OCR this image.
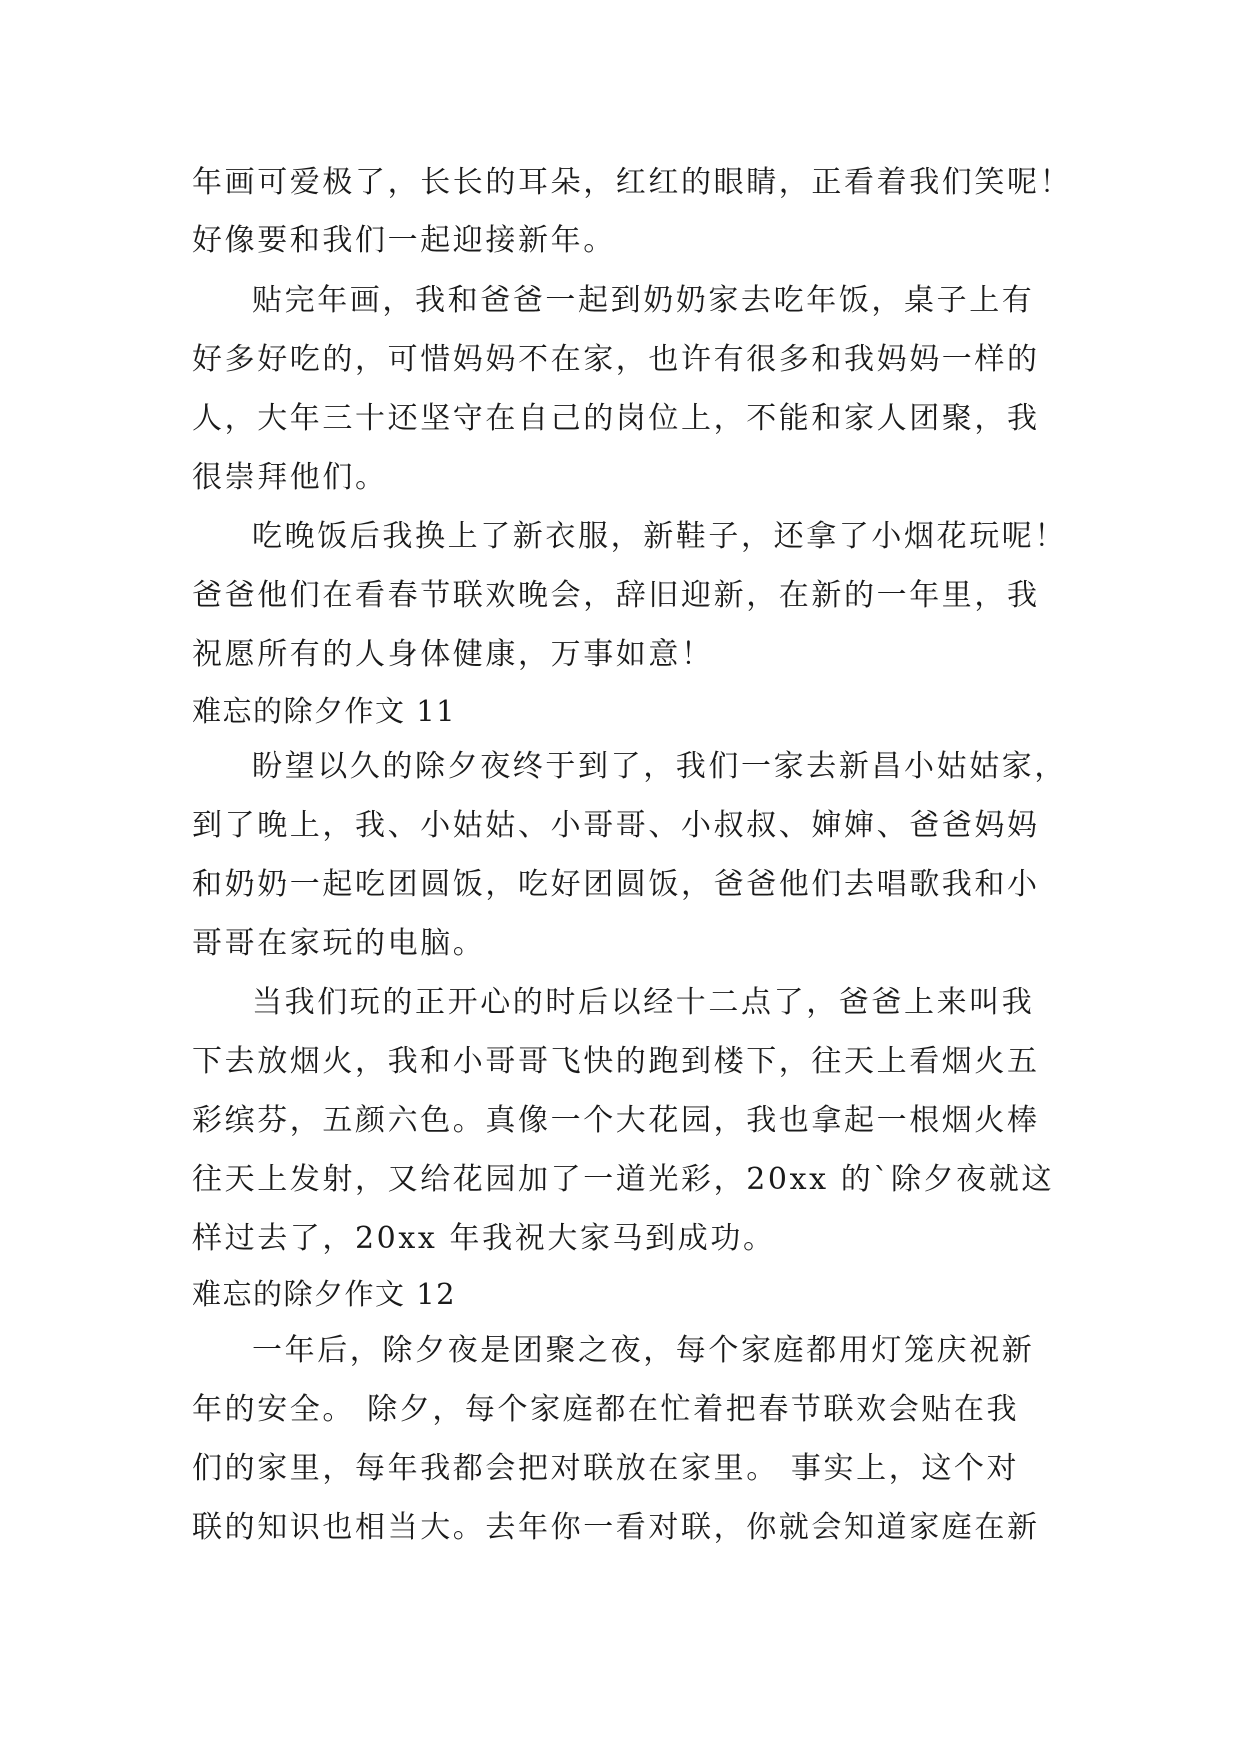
年画可爱极了，长长的耳朵，红红的眼睛，正看着我们笑呢！
好像要和我们一起迎接新年。
贴完年画，我和爸爸一起到奶奶家去吃年饭，桌子上有
好多好吃的，可惜妈妈不在家，也许有很多和我妈妈一样的
人，大年三十还坚守在自己的岗位上，不能和家人团聚，我
很崇拜他们。
吃晚饭后我换上了新衣服，新鞋子，还拿了小烟花玩呢！
爸爸他们在看春节联欢晚会，辞旧迎新，在新的一年里，我
祝愿所有的人身体健康，万事如意！
难忘的除夕作文 11
盼望以久的除夕夜终于到了，我们一家去新昌小姑姑家，
到了晚上，我、小姑姑、小哥哥、小叔叔、婶婶、爸爸妈妈
和奶奶一起吃团圆饭，吃好团圆饭，爸爸他们去唱歌我和小
哥哥在家玩的电脑。
当我们玩的正开心的时后以经十二点了，爸爸上来叫我
下去放烟火，我和小哥哥飞快的跑到楼下，往天上看烟火五
彩缤芬，五颜六色。真像一个大花园，我也拿起一根烟火棒
往天上发射，又给花园加了一道光彩，20xx 的`除夕夜就这
样过去了，20xx 年我祝大家马到成功。
难忘的除夕作文 12
一年后，除夕夜是团聚之夜，每个家庭都用灯笼庆祝新
年的安全。 除夕，每个家庭都在忙着把春节联欢会贴在我
们的家里，每年我都会把对联放在家里。 事实上，这个对
联的知识也相当大。去年你一看对联，你就会知道家庭在新
